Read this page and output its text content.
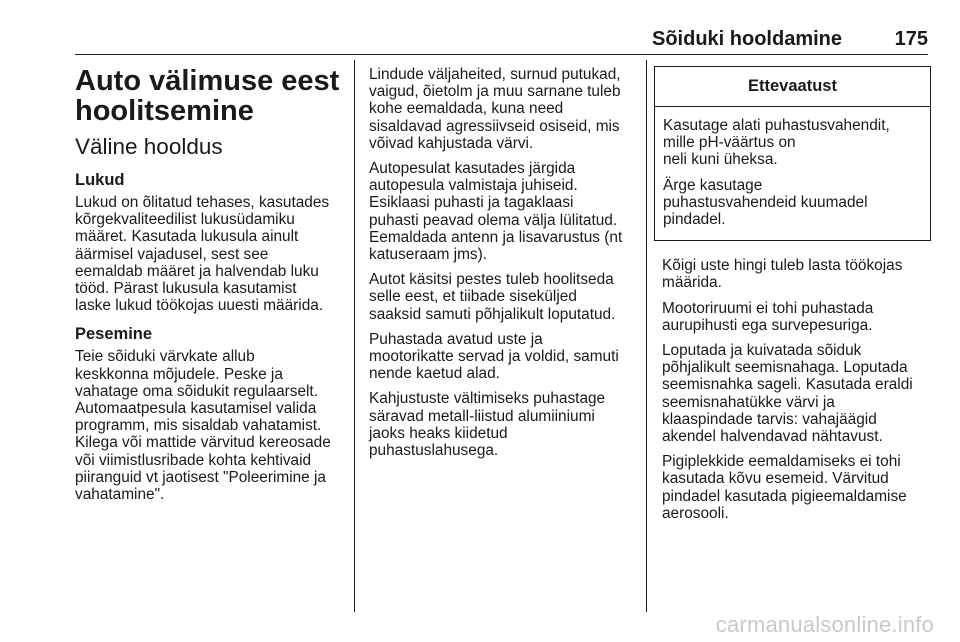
Sõiduki hooldamine	175
Auto välimuse eest
hoolitsemine
Väline hooldus
Lukud

Lukud on õlitatud tehases, kasutades
kõrgekvaliteedilist lukusüdamiku
määret. Kasutada lukusula ainult
äärmisel vajadusel, sest see
eemaldab määret ja halvendab luku
tööd. Pärast lukusula kasutamist
laske lukud töökojas uuesti määrida.

Pesemine

Teie sõiduki värvkate allub
keskkonna mõjudele. Peske ja
vahatage oma sõidukit regulaarselt.
Automaatpesula kasutamisel valida
programm, mis sisaldab vahatamist.
Kilega või mattide värvitud kereosade
või viimistlusribade kohta kehtivaid
piiranguid vt jaotisest "Poleerimine ja
vahatamine".

Lindude väljaheited, surnud putukad,
vaigud, õietolm ja muu sarnane tuleb
kohe eemaldada, kuna need
sisaldavad agressiivseid osiseid, mis
võivad kahjustada värvi.

Autopesulat kasutades järgida
autopesula valmistaja juhiseid.
Esiklaasi puhasti ja tagaklaasi
puhasti peavad olema välja lülitatud.
Eemaldada antenn ja lisavarustus (nt
katuseraam jms).

Autot käsitsi pestes tuleb hoolitseda
selle eest, et tiibade siseküljed
saaksid samuti põhjalikult loputatud.

Puhastada avatud uste ja
mootorikatte servad ja voldid, samuti
nende kaetud alad.

Kahjustuste vältimiseks puhastage
säravad metall-liistud alumiiniumi
jaoks heaks kiidetud
puhastuslahusega.

Ettevaatust

Kasutage alati puhastusvahendit,
mille pH-väärtus on
neli kuni üheksa.

Ärge kasutage
puhastusvahendeid kuumadel
pindadel.

Kõigi uste hingi tuleb lasta töökojas
määrida.

Mootoriruumi ei tohi puhastada
aurupihusti ega survepesuriga.

Loputada ja kuivatada sõiduk
põhjalikult seemisnahaga. Loputada
seemisnahka sageli. Kasutada eraldi
seemisnahatükke värvi ja
klaaspindade tarvis: vahajäägid
akendel halvendavad nähtavust.

Pigiplekkide eemaldamiseks ei tohi
kasutada kõvu esemeid. Värvitud
pindadel kasutada pigieemaldamise
aerosooli.

carmanualsonline.info
